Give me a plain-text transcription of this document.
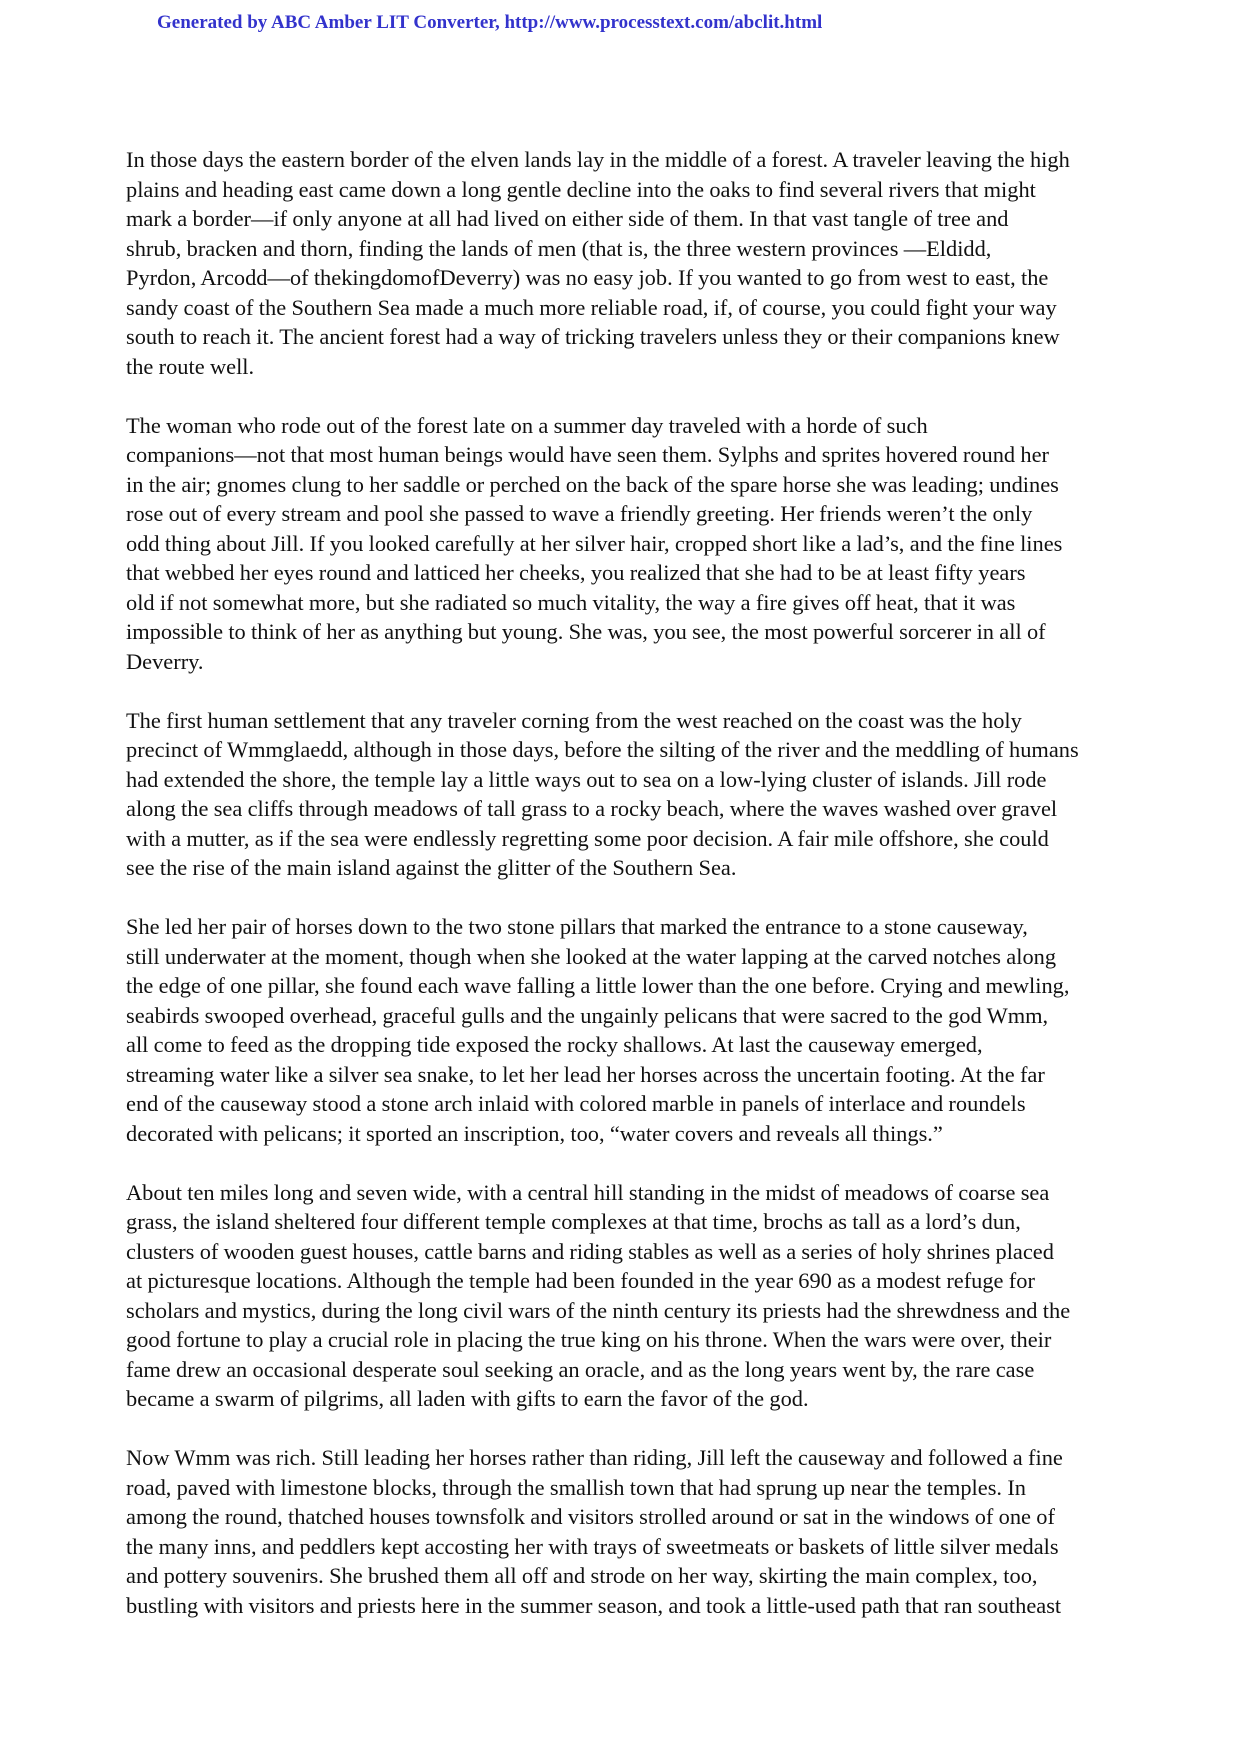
Generated by ABC Amber LIT Converter, http://www.processtext.com/abclit.html

In those days the eastern border of the elven lands lay in the middle of a forest. A traveler leaving the high
plains and heading east came down a long gentle decline into the oaks to find several rivers that might
mark a border—if only anyone at all had lived on either side of them. In that vast tangle of tree and
shrub, bracken and thorn, finding the lands of men (that is, the three western provinces —Eldidd,
Pyrdon, Arcodd—of thekingdomofDeverry) was no easy job. If you wanted to go from west to east, the
sandy coast of the Southern Sea made a much more reliable road, if, of course, you could fight your way
south to reach it. The ancient forest had a way of tricking travelers unless they or their companions knew
the route well.

The woman who rode out of the forest late on a summer day traveled with a horde of such
companions—not that most human beings would have seen them. Sylphs and sprites hovered round her
in the air; gnomes clung to her saddle or perched on the back of the spare horse she was leading; undines
rose out of every stream and pool she passed to wave a friendly greeting. Her friends weren’t the only
odd thing about Jill. If you looked carefully at her silver hair, cropped short like a lad’s, and the fine lines
that webbed her eyes round and latticed her cheeks, you realized that she had to be at least fifty years
old if not somewhat more, but she radiated so much vitality, the way a fire gives off heat, that it was
impossible to think of her as anything but young. She was, you see, the most powerful sorcerer in all of
Deverry.

The first human settlement that any traveler corning from the west reached on the coast was the holy
precinct of Wmmglaedd, although in those days, before the silting of the river and the meddling of humans
had extended the shore, the temple lay a little ways out to sea on a low-lying cluster of islands. Jill rode
along the sea cliffs through meadows of tall grass to a rocky beach, where the waves washed over gravel
with a mutter, as if the sea were endlessly regretting some poor decision. A fair mile offshore, she could
see the rise of the main island against the glitter of the Southern Sea.

She led her pair of horses down to the two stone pillars that marked the entrance to a stone causeway,
still underwater at the moment, though when she looked at the water lapping at the carved notches along
the edge of one pillar, she found each wave falling a little lower than the one before. Crying and mewling,
seabirds swooped overhead, graceful gulls and the ungainly pelicans that were sacred to the god Wmm,
all come to feed as the dropping tide exposed the rocky shallows. At last the causeway emerged,
streaming water like a silver sea snake, to let her lead her horses across the uncertain footing. At the far
end of the causeway stood a stone arch inlaid with colored marble in panels of interlace and roundels
decorated with pelicans; it sported an inscription, too, “water covers and reveals all things.”

About ten miles long and seven wide, with a central hill standing in the midst of meadows of coarse sea
grass, the island sheltered four different temple complexes at that time, brochs as tall as a lord’s dun,
clusters of wooden guest houses, cattle barns and riding stables as well as a series of holy shrines placed
at picturesque locations. Although the temple had been founded in the year 690 as a modest refuge for
scholars and mystics, during the long civil wars of the ninth century its priests had the shrewdness and the
good fortune to play a crucial role in placing the true king on his throne. When the wars were over, their
fame drew an occasional desperate soul seeking an oracle, and as the long years went by, the rare case
became a swarm of pilgrims, all laden with gifts to earn the favor of the god.

Now Wmm was rich. Still leading her horses rather than riding, Jill left the causeway and followed a fine
road, paved with limestone blocks, through the smallish town that had sprung up near the temples. In
among the round, thatched houses townsfolk and visitors strolled around or sat in the windows of one of
the many inns, and peddlers kept accosting her with trays of sweetmeats or baskets of little silver medals
and pottery souvenirs. She brushed them all off and strode on her way, skirting the main complex, too,
bustling with visitors and priests here in the summer season, and took a little-used path that ran southeast
